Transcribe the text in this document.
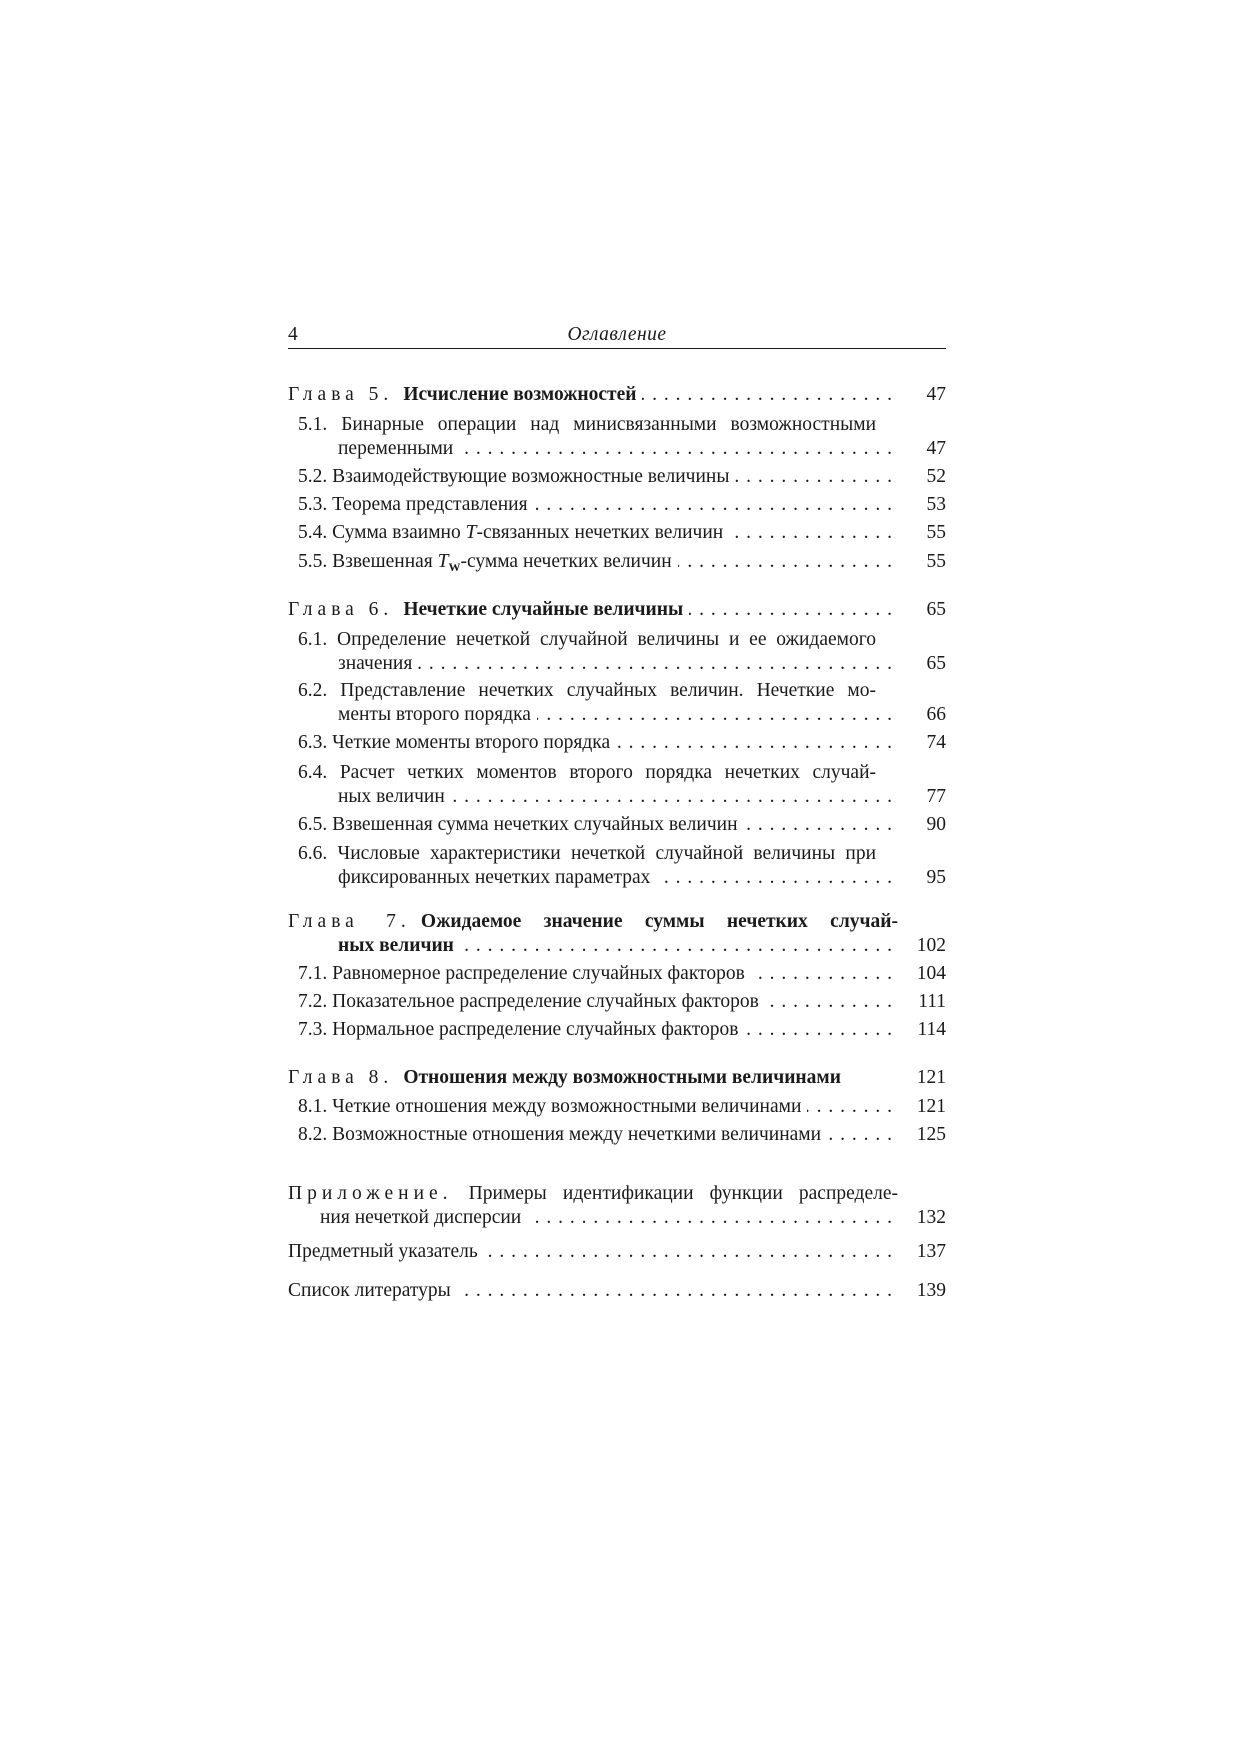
4	Оглавление
Глава 5. Исчисление возможностей . . .	47
5.1. Бинарные операции над минисвязанными возможностными
переменными . . .	47
5.2. Взаимодействующие возможностные величины . . .	52
5.3. Теорема представления . . .	53
5.4. Сумма взаимно T-связанных нечетких величин . . .	55
5.5. Взвешенная $T_W$-сумма нечетких величин . . .	55
Глава 6. Нечеткие случайные величины . . .	65
6.1. Определение нечеткой случайной величины и ее ожидаемого
значения . . .	65
6.2. Представление нечетких случайных величин. Нечеткие мо-
менты второго порядка . . .	66
6.3. Четкие моменты второго порядка . . .	74
6.4. Расчет четких моментов второго порядка нечетких случай-
ных величин . . .	77
6.5. Взвешенная сумма нечетких случайных величин . . .	90
6.6. Числовые характеристики нечеткой случайной величины при
фиксированных нечетких параметрах . . .	95
Глава 7. Ожидаемое значение суммы нечетких случай-
ных величин . . .	102
7.1. Равномерное распределение случайных факторов . . .	104
7.2. Показательное распределение случайных факторов . . .	111
7.3. Нормальное распределение случайных факторов . . .	114
Глава 8. Отношения между возможностными величинами	121
8.1. Четкие отношения между возможностными величинами . . .	121
8.2. Возможностные отношения между нечеткими величинами . . .	125
Приложение. Примеры идентификации функции распределе-
ния нечеткой дисперсии . . .	132
Предметный указатель . . .	137
Список литературы . . .	139
